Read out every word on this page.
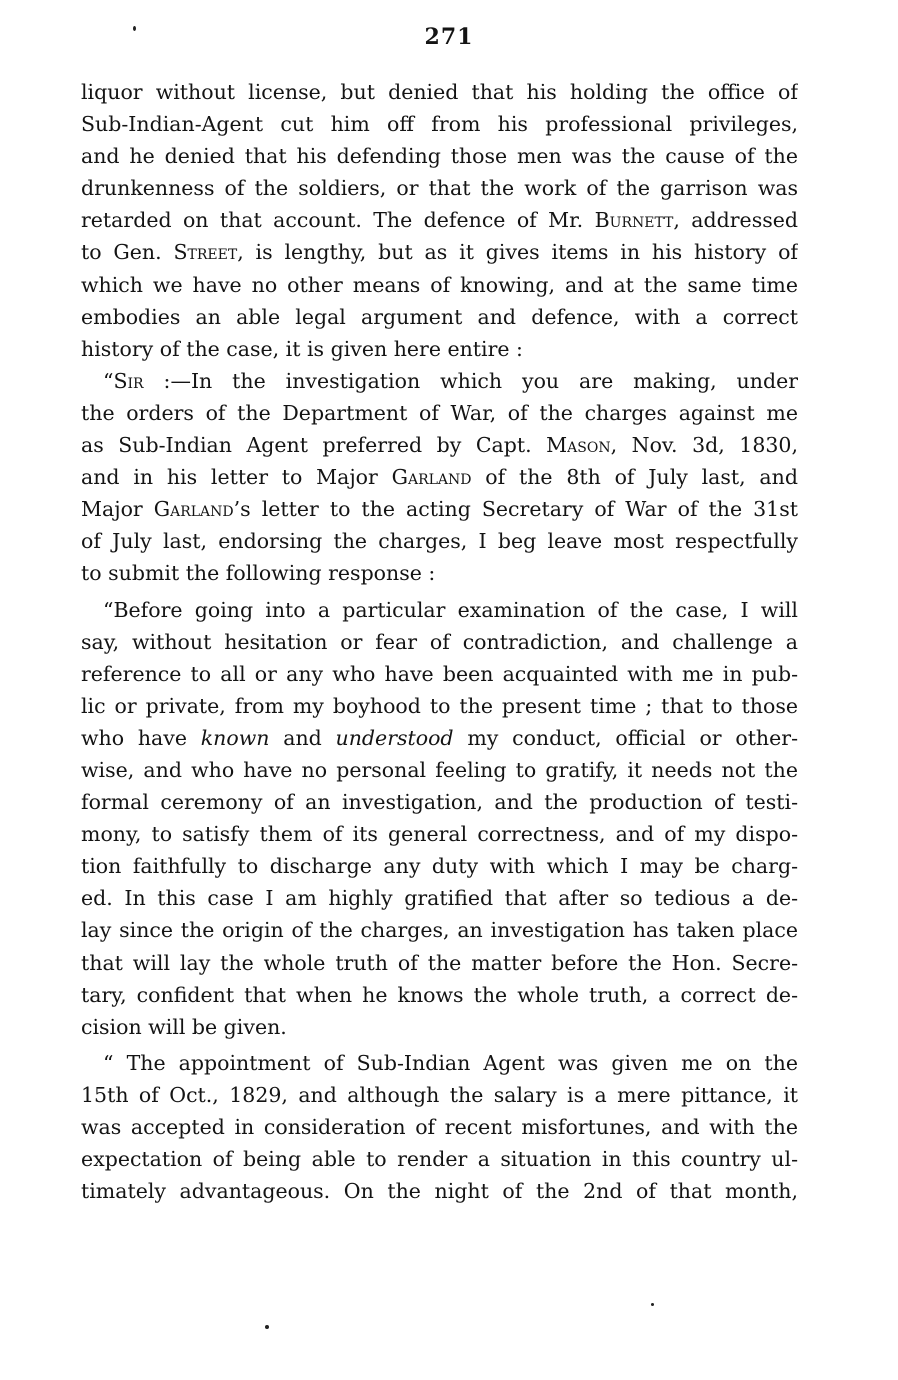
271
liquor without license, but denied that his holding the office of
Sub-Indian-Agent cut him off from his professional privileges,
and he denied that his defending those men was the cause of the
drunkenness of the soldiers, or that the work of the garrison was
retarded on that account. The defence of Mr. Burnett, addressed
to Gen. Street, is lengthy, but as it gives items in his history of
which we have no other means of knowing, and at the same time
embodies an able legal argument and defence, with a correct
history of the case, it is given here entire :
“Sir :—In the investigation which you are making, under
the orders of the Department of War, of the charges against me
as Sub-Indian Agent preferred by Capt. Mason, Nov. 3d, 1830,
and in his letter to Major Garland of the 8th of July last, and
Major Garland’s letter to the acting Secretary of War of the 31st
of July last, endorsing the charges, I beg leave most respectfully
to submit the following response :
“Before going into a particular examination of the case, I will
say, without hesitation or fear of contradiction, and challenge a
reference to all or any who have been acquainted with me in pub-
lic or private, from my boyhood to the present time ; that to those
who have known and understood my conduct, official or other-
wise, and who have no personal feeling to gratify, it needs not the
formal ceremony of an investigation, and the production of testi-
mony, to satisfy them of its general correctness, and of my dispo-
tion faithfully to discharge any duty with which I may be charg-
ed. In this case I am highly gratified that after so tedious a de-
lay since the origin of the charges, an investigation has taken place
that will lay the whole truth of the matter before the Hon. Secre-
tary, confident that when he knows the whole truth, a correct de-
cision will be given.
“ The appointment of Sub-Indian Agent was given me on the
15th of Oct., 1829, and although the salary is a mere pittance, it
was accepted in consideration of recent misfortunes, and with the
expectation of being able to render a situation in this country ul-
timately advantageous. On the night of the 2nd of that month,
